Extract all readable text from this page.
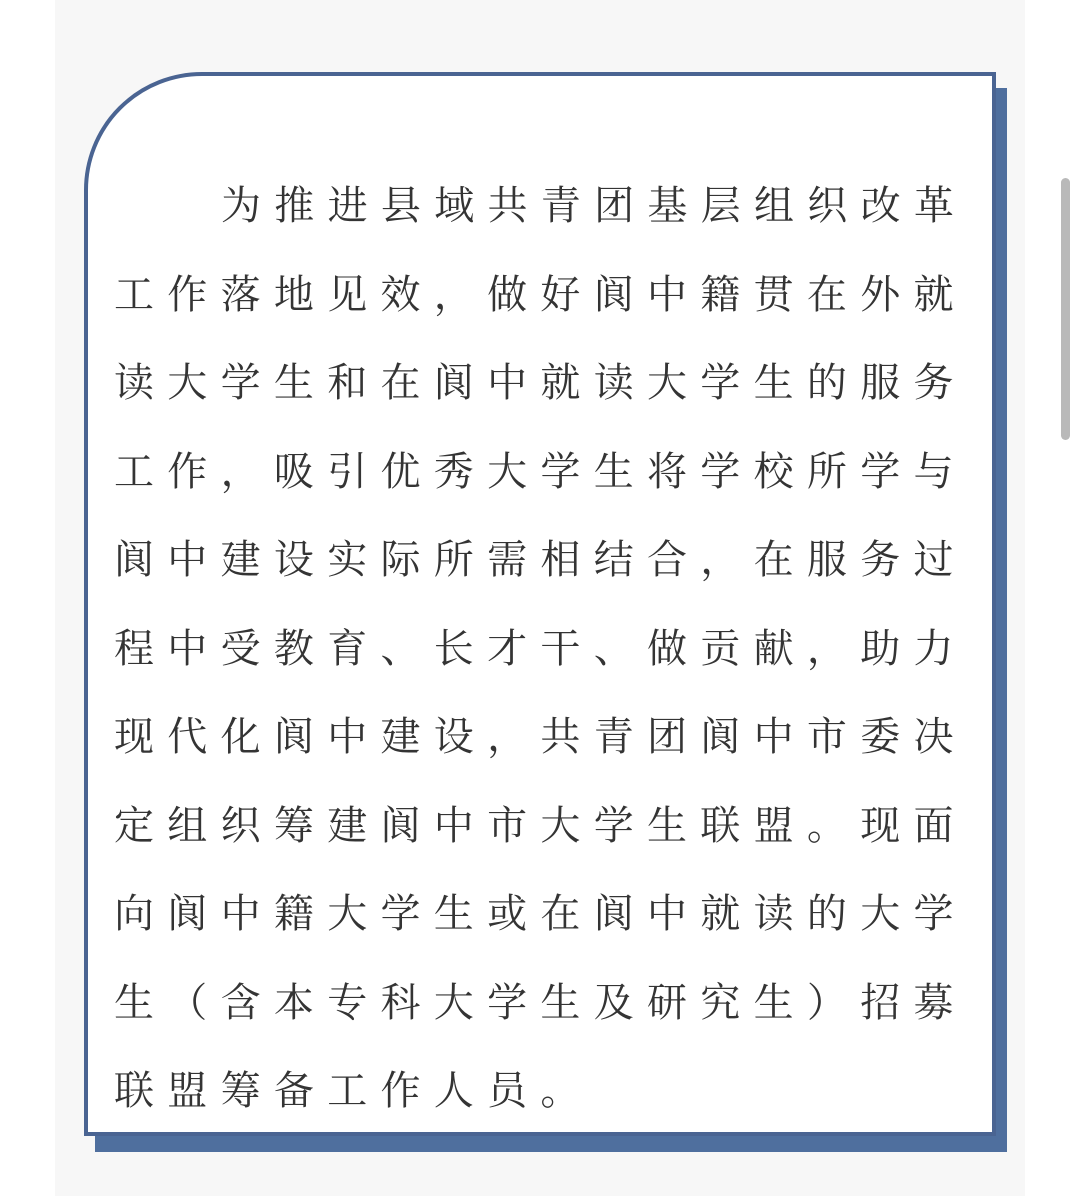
为推进县域共青团基层组织改革工作落地见效，做好阆中籍贯在外就读大学生和在阆中就读大学生的服务工作，吸引优秀大学生将学校所学与阆中建设实际所需相结合，在服务过程中受教育、长才干、做贡献，助力现代化阆中建设，共青团阆中市委决定组织筹建阆中市大学生联盟。现面向阆中籍大学生或在阆中就读的大学生（含本专科大学生及研究生）招募联盟筹备工作人员。
